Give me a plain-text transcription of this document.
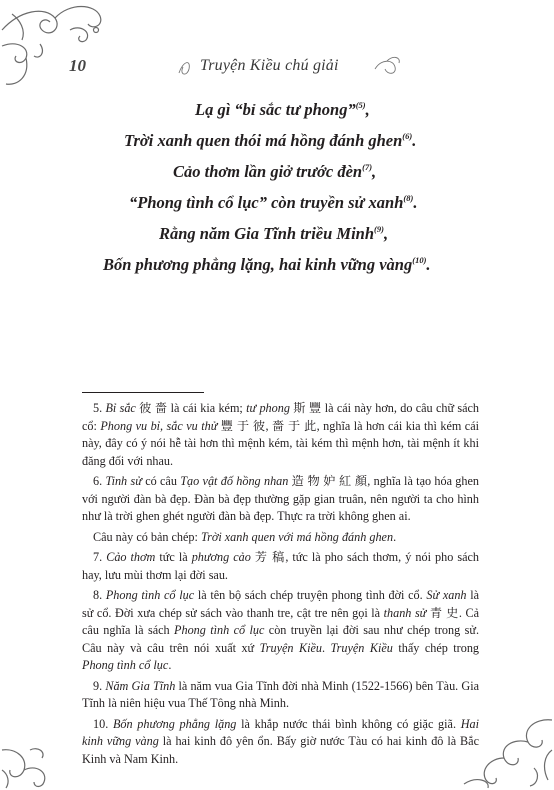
10	Truyện Kiều chú giải
Lạ gì “bỉ sắc tư phong”$^{(5)}$,
Trời xanh quen thói má hồng đánh ghen$^{(6)}$.
Cảo thơm lần giở trước đèn$^{(7)}$,
“Phong tình cổ lục” còn truyền sử xanh$^{(8)}$.
Rằng năm Gia Tĩnh triều Minh$^{(9)}$,
Bốn phương phẳng lặng, hai kinh vững vàng$^{(10)}$.

5. Bỉ sắc 彼 嗇 là cái kia kém; tư phong 斯 豐 là cái này hơn, do câu chữ sách cổ: Phong vu bỉ, sắc vu thử 豐 于 彼, 嗇 于 此, nghĩa là hơn cái kia thì kém cái này, đây có ý nói hễ tài hơn thì mệnh kém, tài kém thì mệnh hơn, tài mệnh ít khi đăng đối với nhau.

6. Tinh sử có câu Tạo vật đố hồng nhan 造 物 妒 紅 顏, nghĩa là tạo hóa ghen với người đàn bà đẹp. Đàn bà đẹp thường gặp gian truân, nên người ta cho hình như là trời ghen ghét người đàn bà đẹp. Thực ra trời không ghen ai.

Câu này có bản chép: Trời xanh quen với má hồng đánh ghen.

7. Cảo thơm tức là phương cảo 芳 稿, tức là pho sách thơm, ý nói pho sách hay, lưu mùi thơm lại đời sau.

8. Phong tình cổ lục là tên bộ sách chép truyện phong tình đời cổ. Sử xanh là sử cổ. Đời xưa chép sử sách vào thanh tre, cật tre nên gọi là thanh sử 青 史. Cả câu nghĩa là sách Phong tình cổ lục còn truyền lại đời sau như chép trong sử. Câu này và câu trên nói xuất xứ Truyện Kiều. Truyện Kiều thấy chép trong Phong tình cổ lục.

9. Năm Gia Tĩnh là năm vua Gia Tĩnh đời nhà Minh (1522-1566) bên Tàu. Gia Tĩnh là niên hiệu vua Thế Tông nhà Minh.

10. Bốn phương phẳng lặng là khắp nước thái bình không có giặc giã. Hai kinh vững vàng là hai kinh đô yên ổn. Bấy giờ nước Tàu có hai kinh đô là Bắc Kinh và Nam Kinh.
